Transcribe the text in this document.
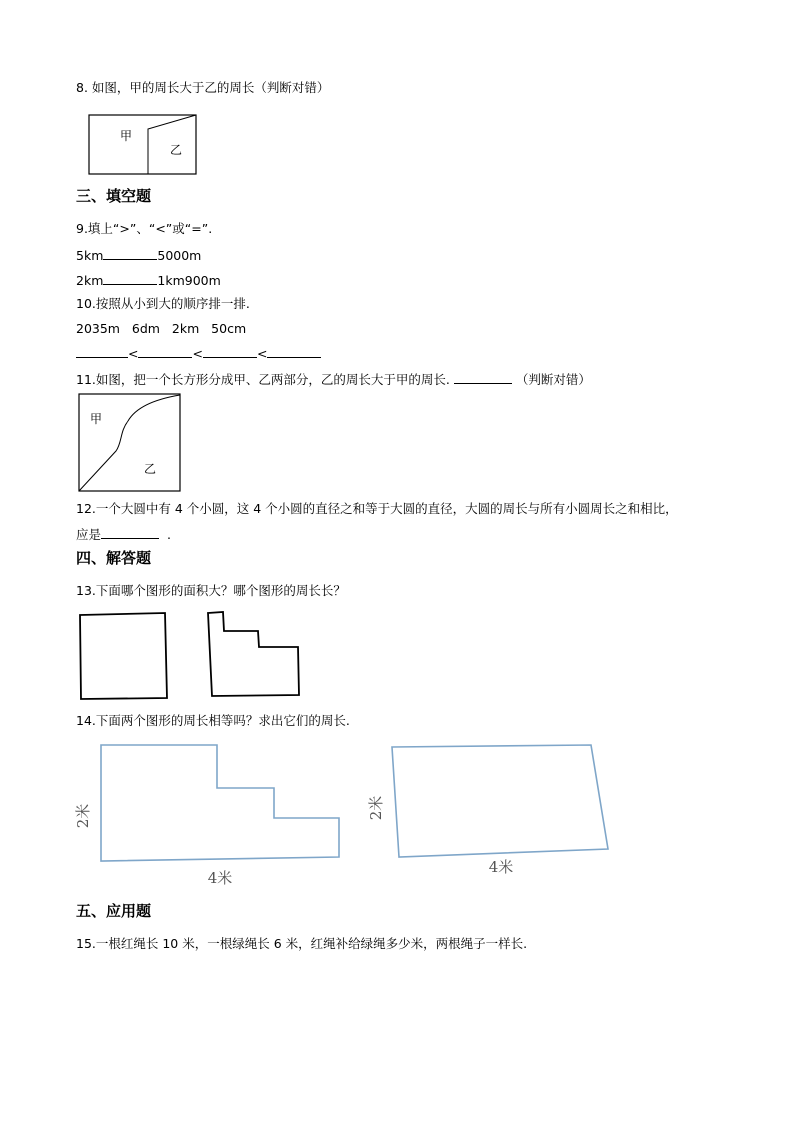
8. 如图，甲的周长大于乙的周长（判断对错）
甲
乙
三、填空题
9.填上“>”、“<”或“=”.
5km	5000m
2km	1km900m
10.按照从小到大的顺序排一排.
2035m   6dm   2km   50cm
<	<	<
11.如图，把一个长方形分成甲、乙两部分，乙的周长大于甲的周长.	（判断对错）
甲
乙
12.一个大圆中有 4 个小圆，这 4 个小圆的直径之和等于大圆的直径，大圆的周长与所有小圆周长之和相比，
应是	.
四、解答题
13.下面哪个图形的面积大？哪个图形的周长长？
14.下面两个图形的周长相等吗？求出它们的周长.
2米
4米
2米
4米
五、应用题
15.一根红绳长 10 米，一根绿绳长 6 米，红绳补给绿绳多少米，两根绳子一样长.
